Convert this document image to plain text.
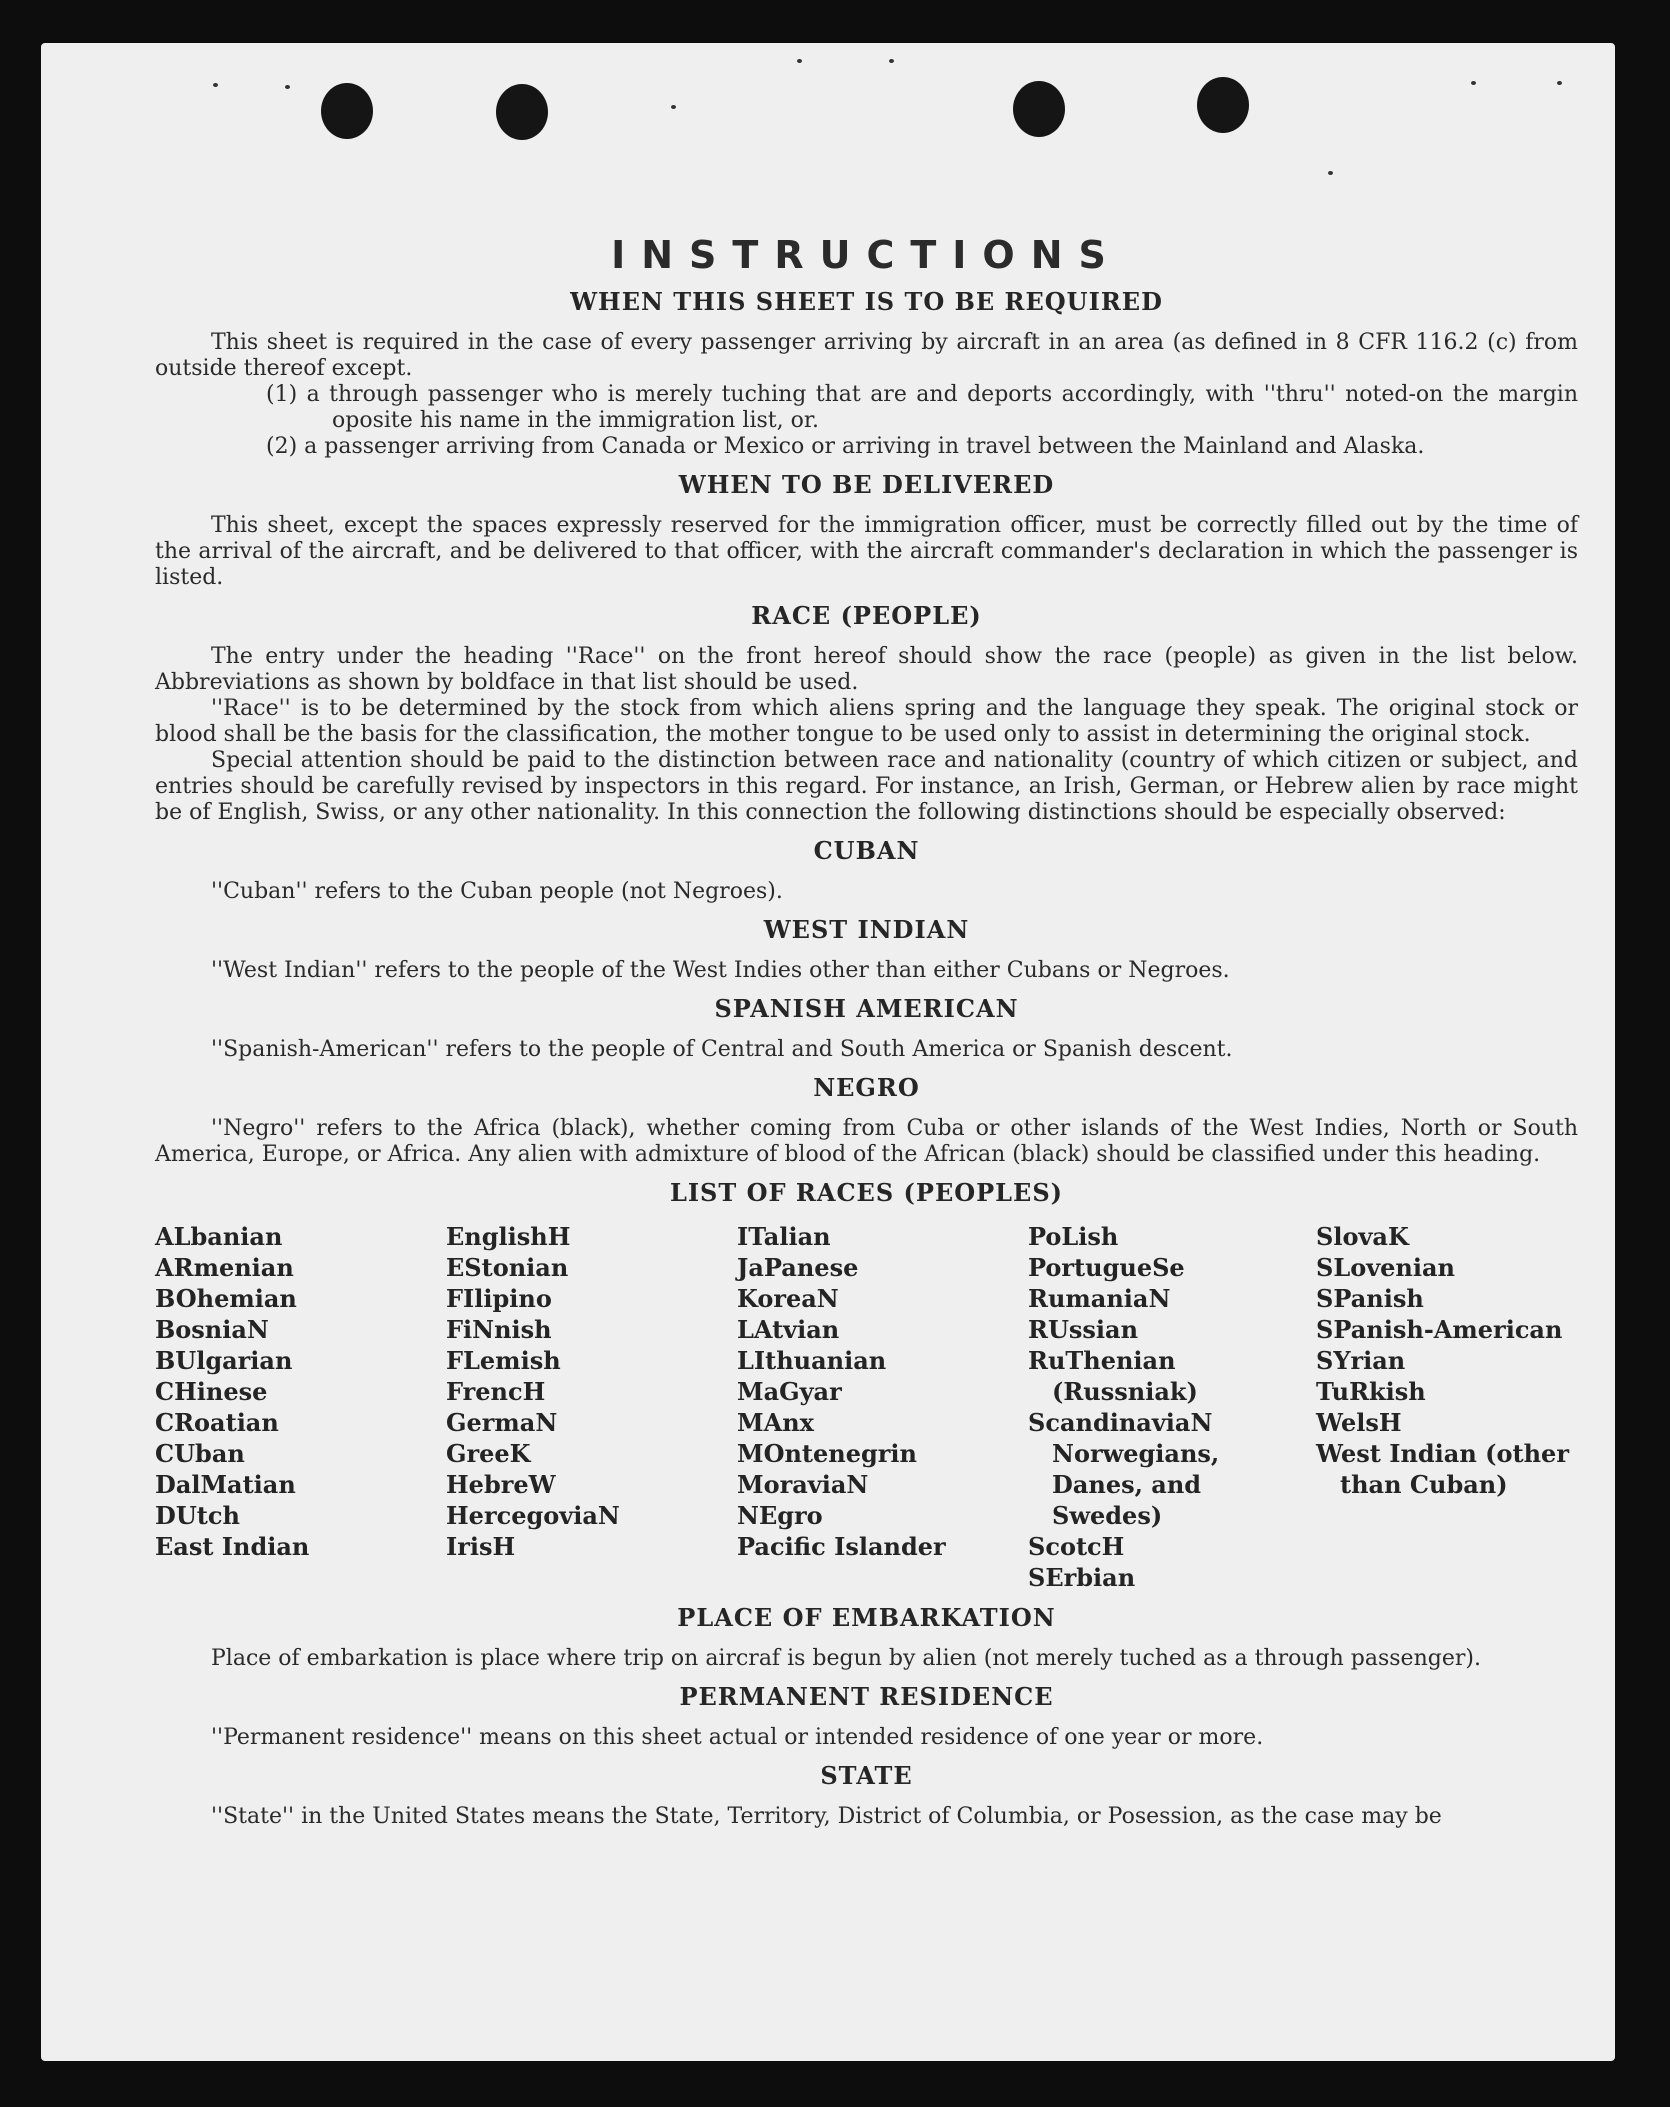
INSTRUCTIONS
WHEN THIS SHEET IS TO BE REQUIRED

This sheet is required in the case of every passenger arriving by aircraft in an area (as defined in 8 CFR 116.2 (c) from outside thereof except.

(1) a through passenger who is merely tuching that are and deports accordingly, with ''thru'' noted-on the margin oposite his name in the immigration list, or.
(2) a passenger arriving from Canada or Mexico or arriving in travel between the Mainland and Alaska.
WHEN TO BE DELIVERED

This sheet, except the spaces expressly reserved for the immigration officer, must be correctly filled out by the time of the arrival of the aircraft, and be delivered to that officer, with the aircraft commander's declaration in which the passenger is listed.

RACE (PEOPLE)

The entry under the heading ''Race'' on the front hereof should show the race (people) as given in the list below. Abbreviations as shown by boldface in that list should be used.

''Race'' is to be determined by the stock from which aliens spring and the language they speak. The original stock or blood shall be the basis for the classification, the mother tongue to be used only to assist in determining the original stock.

Special attention should be paid to the distinction between race and nationality (country of which citizen or subject, and entries should be carefully revised by inspectors in this regard. For instance, an Irish, German, or Hebrew alien by race might be of English, Swiss, or any other nationality. In this connection the following distinctions should be especially observed:

CUBAN

''Cuban'' refers to the Cuban people (not Negroes).

WEST INDIAN

''West Indian'' refers to the people of the West Indies other than either Cubans or Negroes.

SPANISH AMERICAN

''Spanish-American'' refers to the people of Central and South America or Spanish descent.

NEGRO

''Negro'' refers to the Africa (black), whether coming from Cuba or other islands of the West Indies, North or South America, Europe, or Africa. Any alien with admixture of blood of the African (black) should be classified under this heading.

LIST OF RACES (PEOPLES)
ALbanian
ARmenian
BOhemian
BosniaN
BUlgarian
CHinese
CRoatian
CUban
DalMatian
DUtch
East Indian
EnglishH
EStonian
FIlipino
FiNnish
FLemish
FrencH
GermaN
GreeK
HebreW
HercegoviaN
IrisH
ITalian
JaPanese
KoreaN
LAtvian
LIthuanian
MaGyar
MAnx
MOntenegrin
MoraviaN
NEgro
Pacific Islander
PoLish
PortugueSe
RumaniaN
RUssian
RuThenian (Russniak)
ScandinaviaN Norwegians, Danes, and Swedes)
ScotcH
SErbian
SlovaK
SLovenian
SPanish
SPanish-American
SYrian
TuRkish
WelsH
West Indian (other than Cuban)
PLACE OF EMBARKATION

Place of embarkation is place where trip on aircraf is begun by alien (not merely tuched as a through passenger).

PERMANENT RESIDENCE

''Permanent residence'' means on this sheet actual or intended residence of one year or more.

STATE

''State'' in the United States means the State, Territory, District of Columbia, or Posession, as the case may be
